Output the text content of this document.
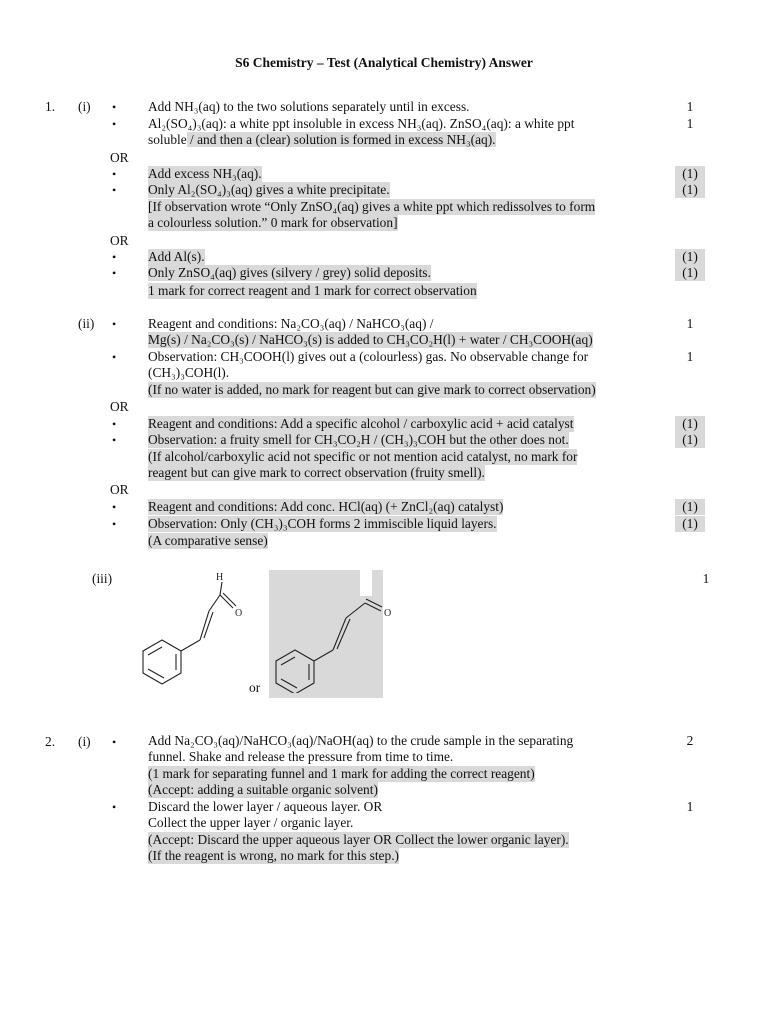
S6 Chemistry – Test (Analytical Chemistry) Answer
1. (i) • Add NH₃(aq) to the two solutions separately until in excess.	1
• Al₂(SO₄)₃(aq): a white ppt insoluble in excess NH₃(aq). ZnSO₄(aq): a white ppt	1
soluble / and then a (clear) solution is formed in excess NH₃(aq).
OR
• Add excess NH₃(aq).	(1)
• Only Al₂(SO₄)₃(aq) gives a white precipitate.	(1)
[If observation wrote “Only ZnSO₄(aq) gives a white ppt which redissolves to form
a colourless solution.” 0 mark for observation]
OR
• Add Al(s).	(1)
• Only ZnSO₄(aq) gives (silvery / grey) solid deposits.	(1)
1 mark for correct reagent and 1 mark for correct observation
(ii) • Reagent and conditions: Na₂CO₃(aq) / NaHCO₃(aq) /	1
Mg(s) / Na₂CO₃(s) / NaHCO₃(s) is added to CH₃CO₂H(l) + water / CH₃COOH(aq)
• Observation: CH₃COOH(l) gives out a (colourless) gas. No observable change for	1
(CH₃)₃COH(l).
(If no water is added, no mark for reagent but can give mark to correct observation)
OR
• Reagent and conditions: Add a specific alcohol / carboxylic acid + acid catalyst	(1)
• Observation: a fruity smell for CH₃CO₂H / (CH₃)₃COH but the other does not.	(1)
(If alcohol/carboxylic acid not specific or not mention acid catalyst, no mark for
reagent but can give mark to correct observation (fruity smell).
OR
• Reagent and conditions: Add conc. HCl(aq) (+ ZnCl₂(aq) catalyst)	(1)
• Observation: Only (CH₃)₃COH forms 2 immiscible liquid layers.	(1)
(A comparative sense)
(iii)	1
H
O
or
O
2. (i) • Add Na₂CO₃(aq)/NaHCO₃(aq)/NaOH(aq) to the crude sample in the separating	2
funnel. Shake and release the pressure from time to time.
(1 mark for separating funnel and 1 mark for adding the correct reagent)
(Accept: adding a suitable organic solvent)
• Discard the lower layer / aqueous layer. OR	1
Collect the upper layer / organic layer.
(Accept: Discard the upper aqueous layer OR Collect the lower organic layer).
(If the reagent is wrong, no mark for this step.)
